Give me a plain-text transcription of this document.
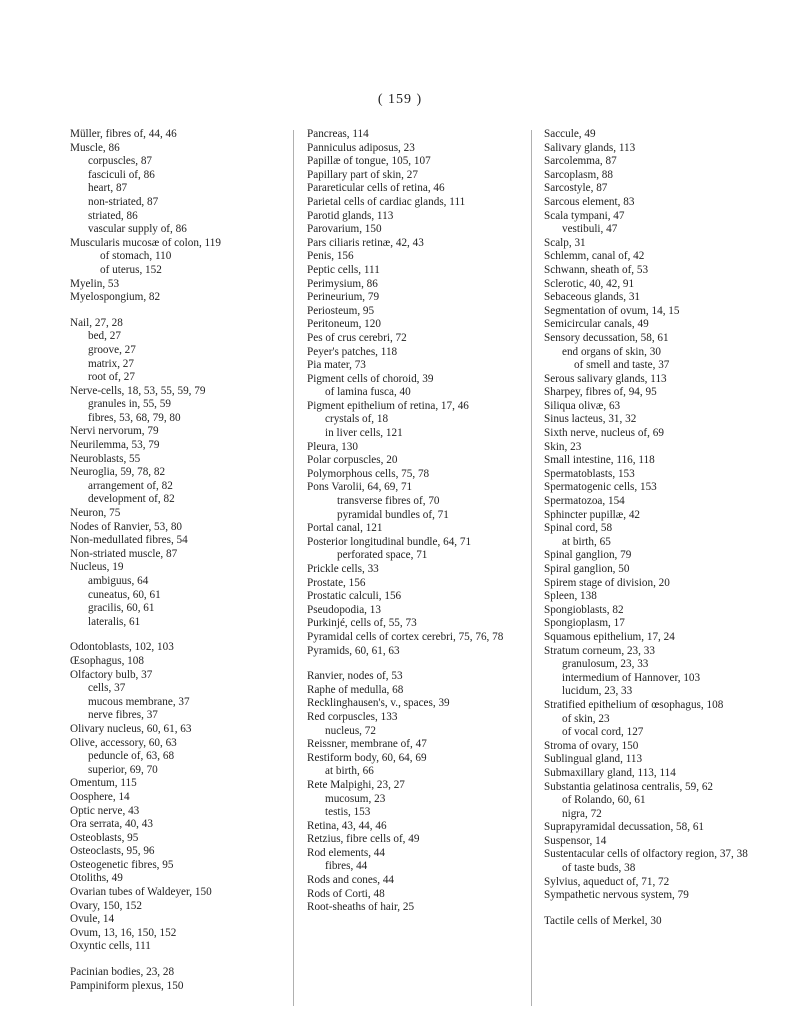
( 159 )
Müller, fibres of, 44, 46
Muscle, 86
corpuscles, 87
fasciculi of, 86
heart, 87
non-striated, 87
striated, 86
vascular supply of, 86
Muscularis mucosæ of colon, 119
of stomach, 110
of uterus, 152
Myelin, 53
Myelospongium, 82
Nail, 27, 28
bed, 27
groove, 27
matrix, 27
root of, 27
Nerve-cells, 18, 53, 55, 59, 79
granules in, 55, 59
fibres, 53, 68, 79, 80
Nervi nervorum, 79
Neurilemma, 53, 79
Neuroblasts, 55
Neuroglia, 59, 78, 82
arrangement of, 82
development of, 82
Neuron, 75
Nodes of Ranvier, 53, 80
Non-medullated fibres, 54
Non-striated muscle, 87
Nucleus, 19
ambiguus, 64
cuneatus, 60, 61
gracilis, 60, 61
lateralis, 61
Odontoblasts, 102, 103
Œsophagus, 108
Olfactory bulb, 37
cells, 37
mucous membrane, 37
nerve fibres, 37
Olivary nucleus, 60, 61, 63
Olive, accessory, 60, 63
peduncle of, 63, 68
superior, 69, 70
Omentum, 115
Oosphere, 14
Optic nerve, 43
Ora serrata, 40, 43
Osteoblasts, 95
Osteoclasts, 95, 96
Osteogenetic fibres, 95
Otoliths, 49
Ovarian tubes of Waldeyer, 150
Ovary, 150, 152
Ovule, 14
Ovum, 13, 16, 150, 152
Oxyntic cells, 111
Pacinian bodies, 23, 28
Pampiniform plexus, 150
Pancreas, 114
Panniculus adiposus, 23
Papillæ of tongue, 105, 107
Papillary part of skin, 27
Parareticular cells of retina, 46
Parietal cells of cardiac glands, 111
Parotid glands, 113
Parovarium, 150
Pars ciliaris retinæ, 42, 43
Penis, 156
Peptic cells, 111
Perimysium, 86
Perineurium, 79
Periosteum, 95
Peritoneum, 120
Pes of crus cerebri, 72
Peyer's patches, 118
Pia mater, 73
Pigment cells of choroid, 39
of lamina fusca, 40
Pigment epithelium of retina, 17, 46
crystals of, 18
in liver cells, 121
Pleura, 130
Polar corpuscles, 20
Polymorphous cells, 75, 78
Pons Varolii, 64, 69, 71
transverse fibres of, 70
pyramidal bundles of, 71
Portal canal, 121
Posterior longitudinal bundle, 64, 71
perforated space, 71
Prickle cells, 33
Prostate, 156
Prostatic calculi, 156
Pseudopodia, 13
Purkinjé, cells of, 55, 73
Pyramidal cells of cortex cerebri, 75, 76, 78
Pyramids, 60, 61, 63
Ranvier, nodes of, 53
Raphe of medulla, 68
Recklinghausen's, v., spaces, 39
Red corpuscles, 133
nucleus, 72
Reissner, membrane of, 47
Restiform body, 60, 64, 69
at birth, 66
Rete Malpighi, 23, 27
mucosum, 23
testis, 153
Retina, 43, 44, 46
Retzius, fibre cells of, 49
Rod elements, 44
fibres, 44
Rods and cones, 44
Rods of Corti, 48
Root-sheaths of hair, 25
Saccule, 49
Salivary glands, 113
Sarcolemma, 87
Sarcoplasm, 88
Sarcostyle, 87
Sarcous element, 83
Scala tympani, 47
vestibuli, 47
Scalp, 31
Schlemm, canal of, 42
Schwann, sheath of, 53
Sclerotic, 40, 42, 91
Sebaceous glands, 31
Segmentation of ovum, 14, 15
Semicircular canals, 49
Sensory decussation, 58, 61
end organs of skin, 30
of smell and taste, 37
Serous salivary glands, 113
Sharpey, fibres of, 94, 95
Siliqua olivæ, 63
Sinus lacteus, 31, 32
Sixth nerve, nucleus of, 69
Skin, 23
Small intestine, 116, 118
Spermatoblasts, 153
Spermatogenic cells, 153
Spermatozoa, 154
Sphincter pupillæ, 42
Spinal cord, 58
at birth, 65
Spinal ganglion, 79
Spiral ganglion, 50
Spirem stage of division, 20
Spleen, 138
Spongioblasts, 82
Spongioplasm, 17
Squamous epithelium, 17, 24
Stratum corneum, 23, 33
granulosum, 23, 33
intermedium of Hannover, 103
lucidum, 23, 33
Stratified epithelium of œsophagus, 108
of skin, 23
of vocal cord, 127
Stroma of ovary, 150
Sublingual gland, 113
Submaxillary gland, 113, 114
Substantia gelatinosa centralis, 59, 62
of Rolando, 60, 61
nigra, 72
Suprapyramidal decussation, 58, 61
Suspensor, 14
Sustentacular cells of olfactory region, 37, 38
of taste buds, 38
Sylvius, aqueduct of, 71, 72
Sympathetic nervous system, 79
Tactile cells of Merkel, 30
